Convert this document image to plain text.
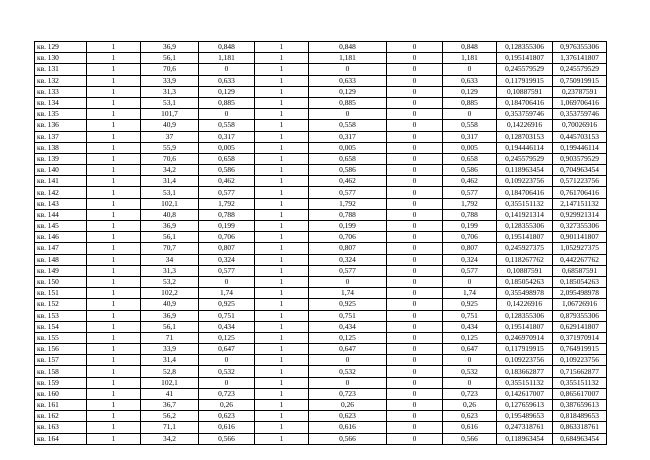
кв. 129	1	36,9	0,848	1	0,848	0	0,848	0,128355306	0,976355306
кв. 130	1	56,1	1,181	1	1,181	0	1,181	0,195141807	1,376141807
кв. 131	1	70,6	0	1	0	0	0	0,245579529	0,245579529
кв. 132	1	33,9	0,633	1	0,633	0	0,633	0,117919915	0,750919915
кв. 133	1	31,3	0,129	1	0,129	0	0,129	0,10887591	0,23787591
кв. 134	1	53,1	0,885	1	0,885	0	0,885	0,184706416	1,069706416
кв. 135	1	101,7	0	1	0	0	0	0,353759746	0,353759746
кв. 136	1	40,9	0,558	1	0,558	0	0,558	0,14226916	0,70026916
кв. 137	1	37	0,317	1	0,317	0	0,317	0,128703153	0,445703153
кв. 138	1	55,9	0,005	1	0,005	0	0,005	0,194446114	0,199446114
кв. 139	1	70,6	0,658	1	0,658	0	0,658	0,245579529	0,903579529
кв. 140	1	34,2	0,586	1	0,586	0	0,586	0,118963454	0,704963454
кв. 141	1	31,4	0,462	1	0,462	0	0,462	0,109223756	0,571223756
кв. 142	1	53,1	0,577	1	0,577	0	0,577	0,184706416	0,761706416
кв. 143	1	102,1	1,792	1	1,792	0	1,792	0,355151132	2,147151132
кв. 144	1	40,8	0,788	1	0,788	0	0,788	0,141921314	0,929921314
кв. 145	1	36,9	0,199	1	0,199	0	0,199	0,128355306	0,327355306
кв. 146	1	56,1	0,706	1	0,706	0	0,706	0,195141807	0,901141807
кв. 147	1	70,7	0,807	1	0,807	0	0,807	0,245927375	1,052927375
кв. 148	1	34	0,324	1	0,324	0	0,324	0,118267762	0,442267762
кв. 149	1	31,3	0,577	1	0,577	0	0,577	0,10887591	0,68587591
кв. 150	1	53,2	0	1	0	0	0	0,185054263	0,185054263
кв. 151	1	102,2	1,74	1	1,74	0	1,74	0,355498978	2,095498978
кв. 152	1	40,9	0,925	1	0,925	0	0,925	0,14226916	1,06726916
кв. 153	1	36,9	0,751	1	0,751	0	0,751	0,128355306	0,879355306
кв. 154	1	56,1	0,434	1	0,434	0	0,434	0,195141807	0,629141807
кв. 155	1	71	0,125	1	0,125	0	0,125	0,246970914	0,371970914
кв. 156	1	33,9	0,647	1	0,647	0	0,647	0,117919915	0,764919915
кв. 157	1	31,4	0	1	0	0	0	0,109223756	0,109223756
кв. 158	1	52,8	0,532	1	0,532	0	0,532	0,183662877	0,715662877
кв. 159	1	102,1	0	1	0	0	0	0,355151132	0,355151132
кв. 160	1	41	0,723	1	0,723	0	0,723	0,142617007	0,865617007
кв. 161	1	36,7	0,26	1	0,26	0	0,26	0,127659613	0,387659613
кв. 162	1	56,2	0,623	1	0,623	0	0,623	0,195489653	0,818489653
кв. 163	1	71,1	0,616	1	0,616	0	0,616	0,247318761	0,863318761
кв. 164	1	34,2	0,566	1	0,566	0	0,566	0,118963454	0,684963454
